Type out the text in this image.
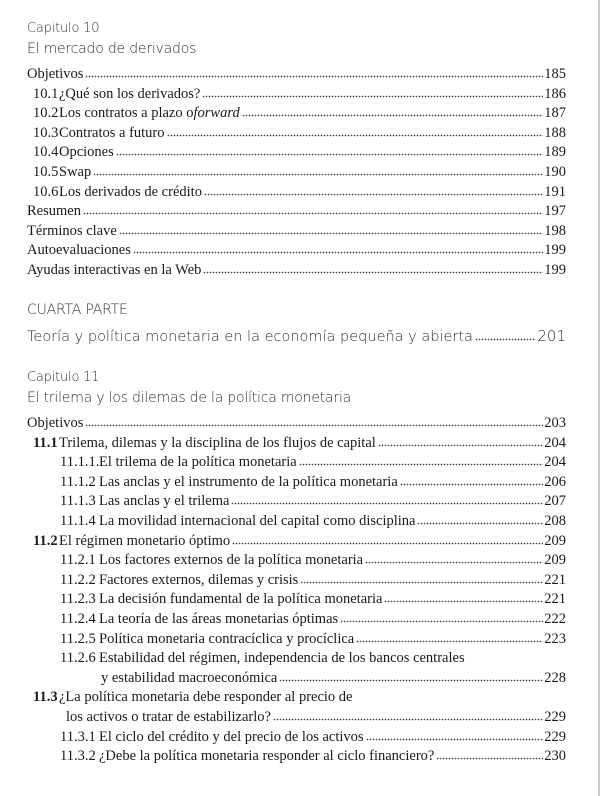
Capitulo 10
El mercado de derivados
Objetivos	185
10.1 ¿Qué son los derivados?	186
10.2 Los contratos a plazo o forward	187
10.3 Contratos a futuro	188
10.4 Opciones	189
10.5 Swap	190
10.6 Los derivados de crédito	191
Resumen	197
Términos clave	198
Autoevaluaciones	199
Ayudas interactivas en la Web	199
CUARTA PARTE
Teoría y política monetaria en la economía pequeña y abierta	201
Capitulo 11
El trilema y los dilemas de la política monetaria
Objetivos	203
11.1 Trilema, dilemas y la disciplina de los flujos de capital	204
11.1.1. El trilema de la política monetaria	204
11.1.2 Las anclas y el instrumento de la política monetaria	206
11.1.3 Las anclas y el trilema	207
11.1.4 La movilidad internacional del capital como disciplina	208
11.2 El régimen monetario óptimo	209
11.2.1 Los factores externos de la política monetaria	209
11.2.2 Factores externos, dilemas y crisis	221
11.2.3 La decisión fundamental de la política monetaria	221
11.2.4 La teoría de las áreas monetarias óptimas	222
11.2.5 Política monetaria contracíclica y procíclica	223
11.2.6 Estabilidad del régimen, independencia de los bancos centrales
y estabilidad macroeconómica	228
11.3 ¿La política monetaria debe responder al precio de
los activos o tratar de estabilizarlo?	229
11.3.1 El ciclo del crédito y del precio de los activos	229
11.3.2 ¿Debe la política monetaria responder al ciclo financiero?	230
